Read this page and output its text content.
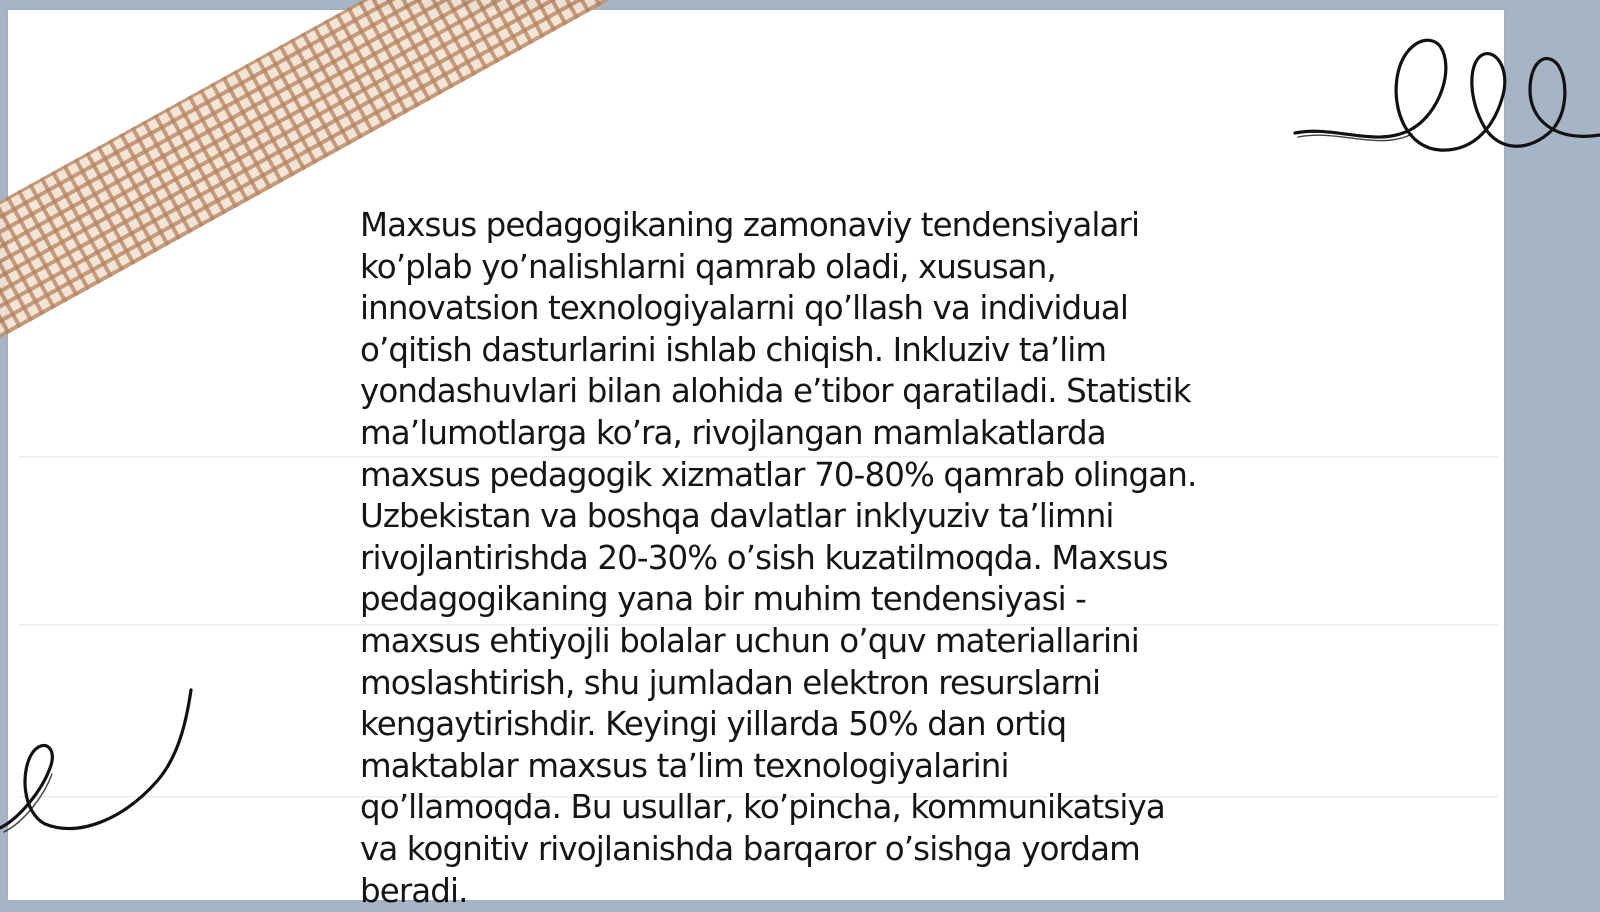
Maxsus pedagogikaning zamonaviy tendensiyalari
ko’plab yo’nalishlarni qamrab oladi, xususan,
innovatsion texnologiyalarni qo’llash va individual
o’qitish dasturlarini ishlab chiqish. Inkluziv ta’lim
yondashuvlari bilan alohida e’tibor qaratiladi. Statistik
ma’lumotlarga ko’ra, rivojlangan mamlakatlarda
maxsus pedagogik xizmatlar 70-80% qamrab olingan.
Uzbekistan va boshqa davlatlar inklyuziv ta’limni
rivojlantirishda 20-30% o’sish kuzatilmoqda. Maxsus
pedagogikaning yana bir muhim tendensiyasi -
maxsus ehtiyojli bolalar uchun o’quv materiallarini
moslashtirish, shu jumladan elektron resurslarni
kengaytirishdir. Keyingi yillarda 50% dan ortiq
maktablar maxsus ta’lim texnologiyalarini
qo’llamoqda. Bu usullar, ko’pincha, kommunikatsiya
va kognitiv rivojlanishda barqaror o’sishga yordam
beradi.
